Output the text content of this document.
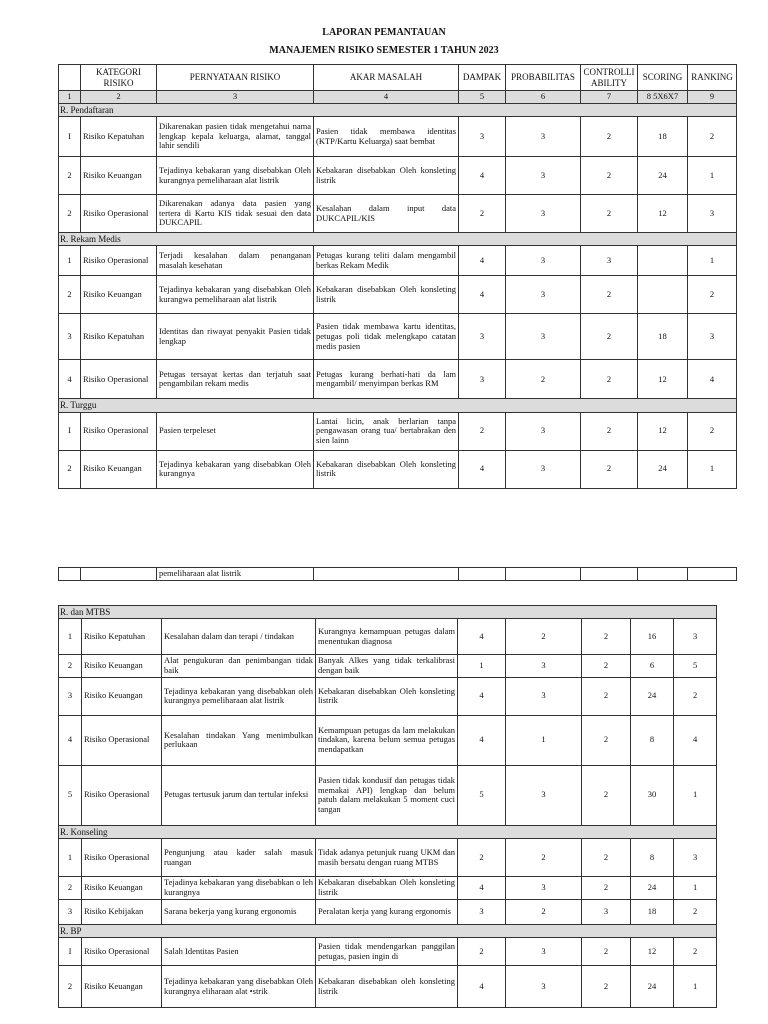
LAPORAN PEMANTAUAN
MANAJEMEN RISIKO SEMESTER 1 TAHUN 2023
	KATEGORI RISIKO	PERNYATAAN RISIKO	AKAR MASALAH	DAMPAK	PROBABILITAS	CONTROLLI ABILITY	SCORING	RANKING
1	2	3	4	5	6	7	8 5X6X7	9
R. Pendaftaran								
I	Risiko Kepatuhan	Dikarenakan pasien tidak mengetahui nama lengkap kepala keluarga, alamat, tanggal lahir sendili	Pasien tidak membawa identitas (KTP/Kartu Keluarga) saat bembat	3	3	2	18	2
2	Risiko Keuangan	Tejadinya kebakaran yang disebabkan Oleh kurangnya pemeliharaan alat listrik	Kebakaran disebabkan Oleh konsleting listrik	4	3	2	24	1
2	Risiko Operasional	Dikarenakan adanya data pasien yang tertera di Kartu KIS tidak sesuai den data DUKCAPIL	Kesalahan dalam input data DUKCAPIL/KIS	2	3	2	12	3
R. Rekam Medis								
1	Risiko Operasional	Terjadi kesalahan dalam penanganan masalah kesehatan	Petugas kurang teliti dalam mengambil berkas Rekam Medik	4	3	3		1
2	Risiko Keuangan	Tejadinya kebakaran yang disebabkan Oleh kurangwa pemeliharaan alat listrik	Kebakaran disebabkan Oleh konsleting listrik	4	3	2		2
3	Risiko Kepatuhan	Identitas dan riwayat penyakit Pasien tidak lengkap	Pasien tidak membawa kartu identitas, petugas poli tidak melengkapo catatan medis pasien	3	3	2	18	3
4	Risiko Operasional	Petugas tersayat kertas dan terjatuh saat pengambilan rekam medis	Petugas kurang berhati-hati da lam mengambil/ menyimpan berkas RM	3	2	2	12	4
R. Turggu								
I	Risiko Operasional	Pasien terpeleset	Lantai licin, anak berlarian tanpa pengawasan orang tua/ bertabrakan den sien lainn	2	3	2	12	2
2	Risiko Keuangan	Tejadinya kebakaran yang disebabkan Oleh kurangnya	Kebakaran disebabkan Oleh konsleting listrik	4	3	2	24	1
		pemeliharaan alat listrik						
R. dan MTBS								
1	Risiko Kepatuhan	Kesalahan dalam dan terapi / tindakan	Kurangnya kemampuan petugas dalam menentukan diagnosa	4	2	2	16	3
2	Risiko Keuangan	Alat pengukuran dan penimbangan tidak baik	Banyak Alkes yang tidak terkalibrasi dengan baik	1	3	2	6	5
3	Risiko Keuangan	Tejadinya kebakaran yang disebabkan oleh kurangnya pemeliharaan alat listrik	Kebakaran disebabkan Oleh konsleting listrik	4	3	2	24	2
4	Risiko Operasional	Kesalahan tindakan Yang menimbulkan perlukaan	Kemampuan petugas da lam melakukan tindakan, karena belum semua petugas mendapatkan	4	1	2	8	4
5	Risiko Operasional	Petugas tertusuk jarum dan tertular infeksi	Pasien tidak kondusif dan petugas tidak memakai API) lengkap dan belum patuh dalam melakukan 5 moment cuci tangan	5	3	2	30	1
R. Konseling								
1	Risiko Operasional	Pengunjung atau kader salah masuk ruangan	Tidak adanya petunjuk ruang UKM dan masih bersatu dengan ruang MTBS	2	2	2	8	3
2	Risiko Keuangan	Tejadinya kebakaran yang disebabkan o leh kurangnya	Kebakaran disebabkan Oleh konsleting listrik	4	3	2	24	1
3	Risiko Kebijakan	Sarana bekerja yang kurang ergonomis	Peralatan kerja yang kurang ergonomis	3	2	3	18	2
R. BP								
I	Risiko Operasional	Salah Identitas Pasien	Pasien tidak mendengarkan panggilan petugas, pasien ingin di	2	3	2	12	2
2	Risiko Keuangan	Tejadinya kebakaran yang disebabkan Oleh kurangnya eliharaan alat •strik	Kebakaran disebabkan oleh konsleting listrik	4	3	2	24	1
